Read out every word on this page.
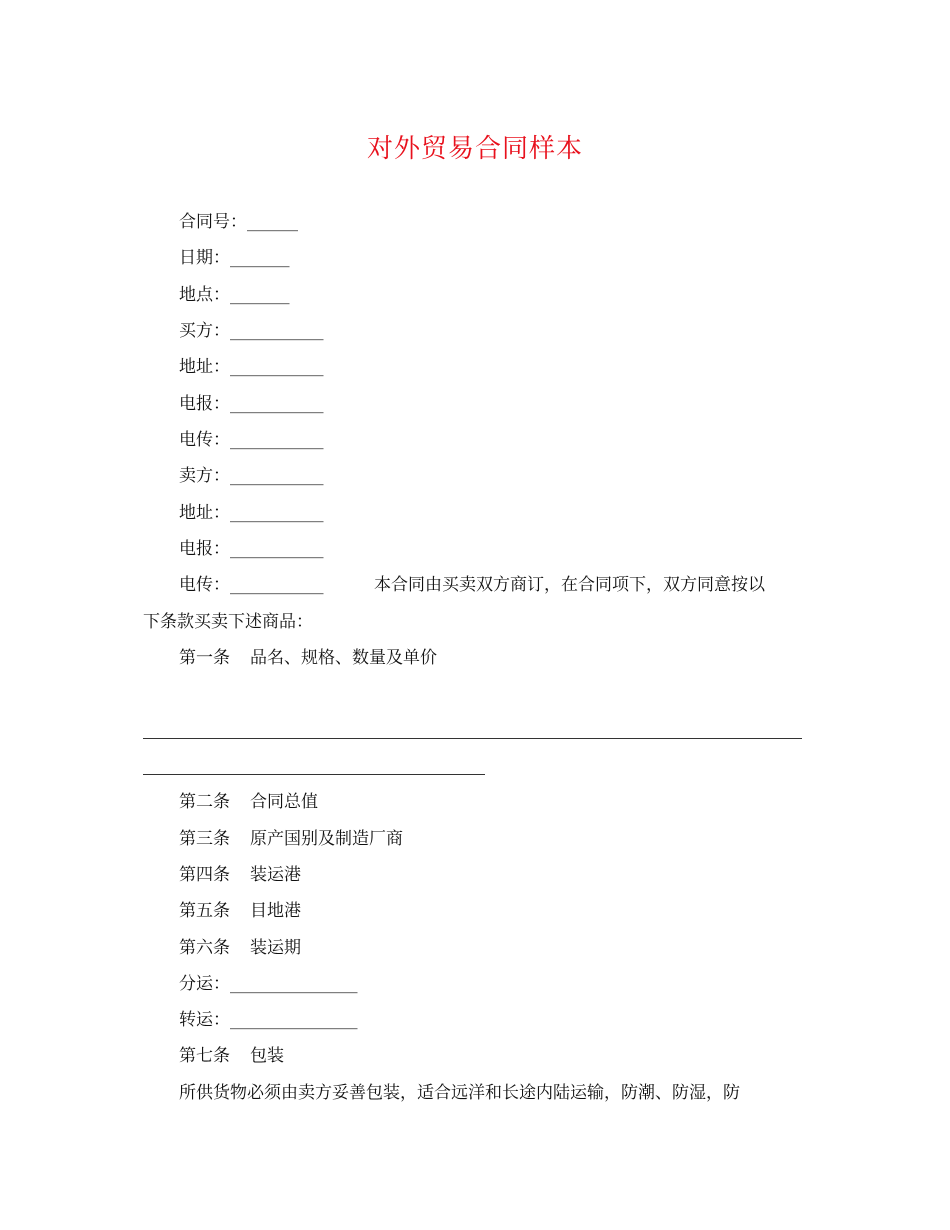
对外贸易合同样本
合同号：______
日期：_______
地点：_______
买方：___________
地址：___________
电报：___________
电传：___________
卖方：___________
地址：___________
电报：___________
电传：___________	本合同由买卖双方商订，在合同项下，双方同意按以
下条款买卖下述商品：
第一条 品名、规格、数量及单价
第二条 合同总值
第三条 原产国别及制造厂商
第四条 装运港
第五条 目地港
第六条 装运期
分运：_______________
转运：_______________
第七条 包装
所供货物必须由卖方妥善包装，适合远洋和长途内陆运输，防潮、防湿，防
